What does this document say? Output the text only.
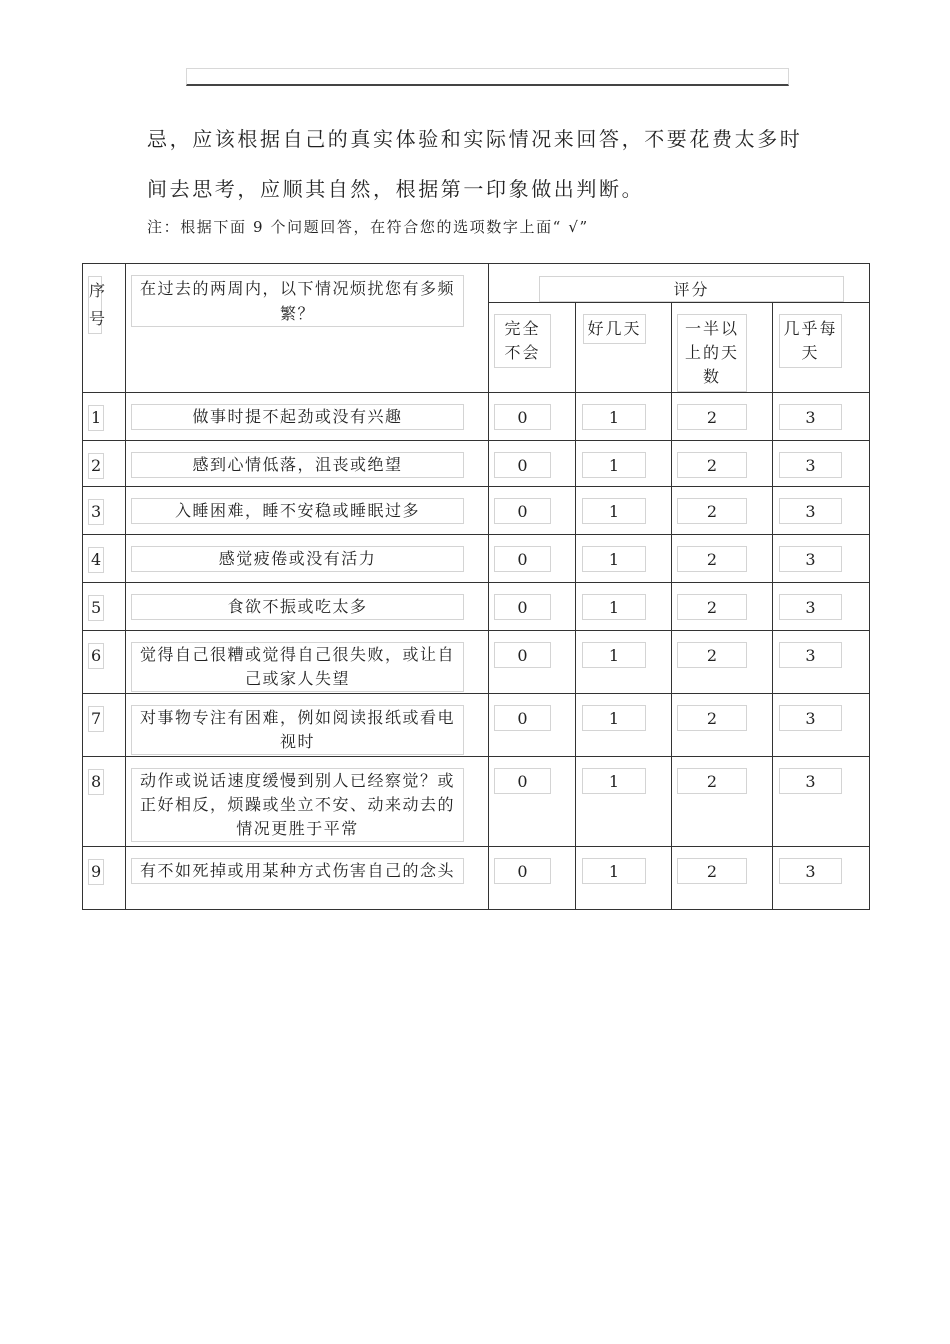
忌，应该根据自己的真实体验和实际情况来回答，不要花费太多时
间去思考，应顺其自然，根据第一印象做出判断。
注：根据下面 9 个问题回答，在符合您的选项数字上面“ √”
序号	在过去的两周内，以下情况烦扰您有多频繁？	评分			

		完全不会	好几天	一半以上的天数	几乎每天

1	做事时提不起劲或没有兴趣	0	1	2	3

2	感到心情低落，沮丧或绝望	0	1	2	3

3	入睡困难，睡不安稳或睡眠过多	0	1	2	3

4	感觉疲倦或没有活力	0	1	2	3

5	食欲不振或吃太多	0	1	2	3

6	觉得自己很糟或觉得自己很失败，或让自己或家人失望	0	1	2	3

7	对事物专注有困难，例如阅读报纸或看电视时	0	1	2	3

8	动作或说话速度缓慢到别人已经察觉？或正好相反，烦躁或坐立不安、动来动去的情况更胜于平常	0	1	2	3

9	有不如死掉或用某种方式伤害自己的念头	0	1	2	3
